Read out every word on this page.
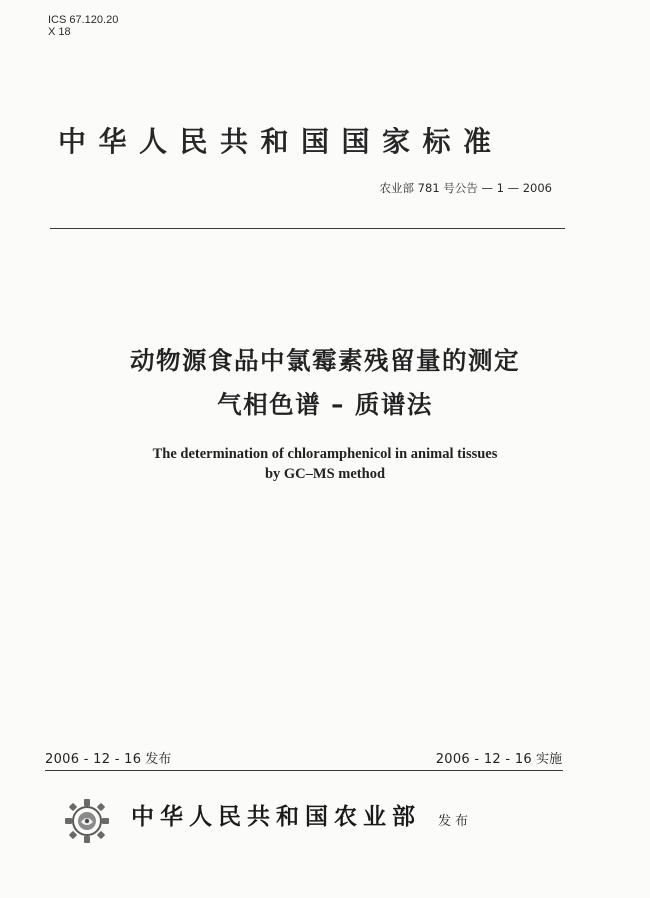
ICS 67.120.20
X 18
中华人民共和国国家标准
农业部 781 号公告 — 1 — 2006
动物源食品中氯霉素残留量的测定
气相色谱 – 质谱法
The determination of chloramphenicol in animal tissues
by GC–MS method
2006 - 12 - 16 发布	2006 - 12 - 16 实施
中华人民共和国农业部 发布
